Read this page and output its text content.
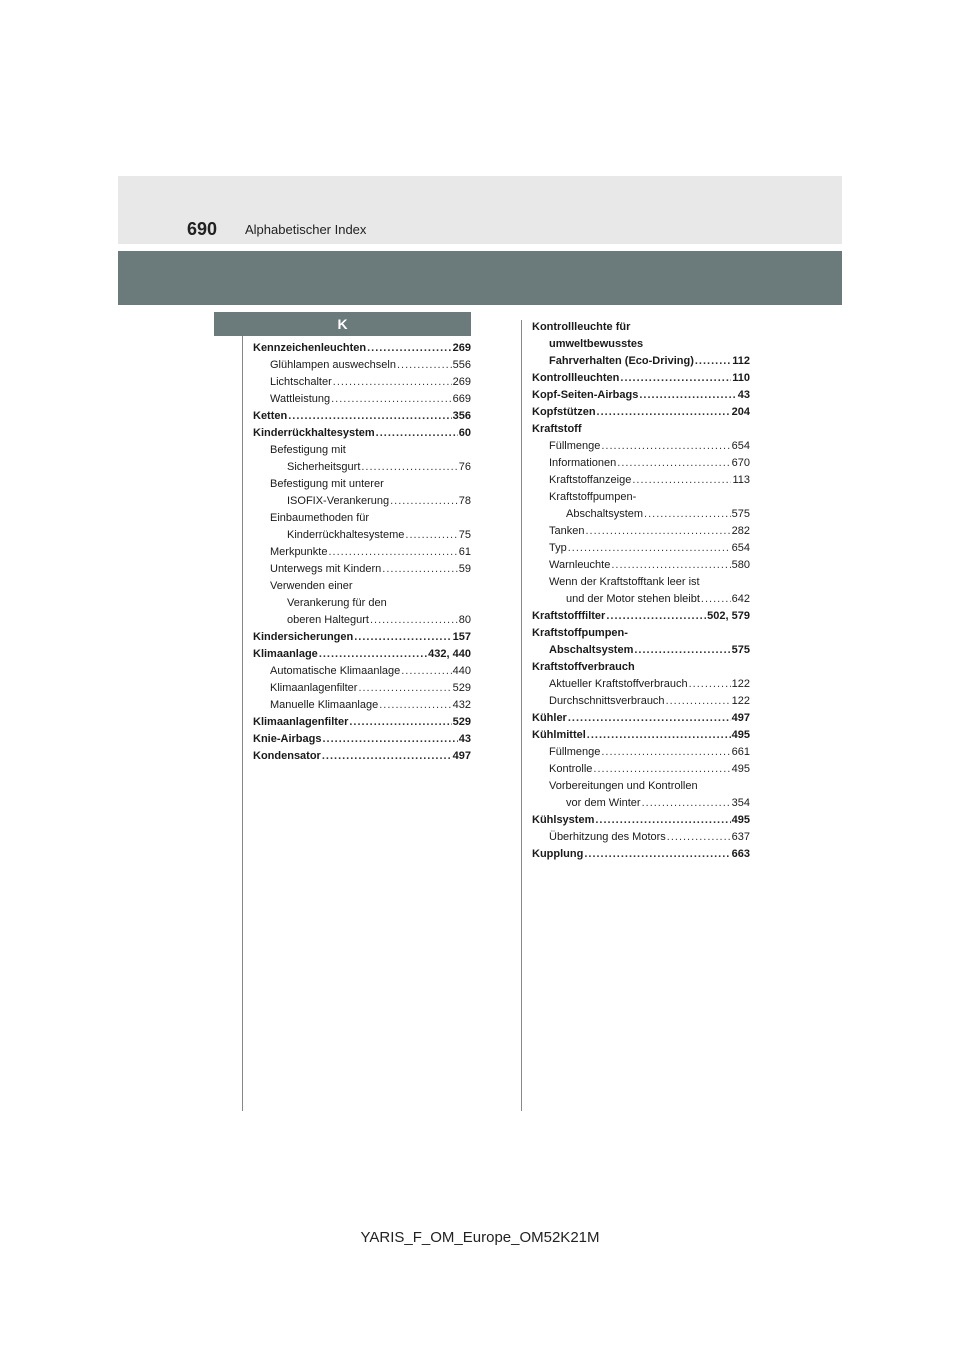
690 Alphabetischer Index
K
Kennzeichenleuchten .....	269
Glühlampen auswechseln .....	556
Lichtschalter .....	269
Wattleistung .....	669
Ketten .....	356
Kinderrückhaltesystem .....	60
Befestigung mit
Sicherheitsgurt .....	76
Befestigung mit unterer
ISOFIX-Verankerung .....	78
Einbaumethoden für
Kinderrückhaltesysteme .....	75
Merkpunkte .....	61
Unterwegs mit Kindern .....	59
Verwenden einer
Verankerung für den
oberen Haltegurt .....	80
Kindersicherungen .....	157
Klimaanlage .....	432, 440
Automatische Klimaanlage .....	440
Klimaanlagenfilter .....	529
Manuelle Klimaanlage .....	432
Klimaanlagenfilter .....	529
Knie-Airbags .....	43
Kondensator .....	497
Kontrollleuchte für
umweltbewusstes
Fahrverhalten (Eco-Driving) .....	112
Kontrollleuchten .....	110
Kopf-Seiten-Airbags .....	43
Kopfstützen .....	204
Kraftstoff
Füllmenge .....	654
Informationen .....	670
Kraftstoffanzeige .....	113
Kraftstoffpumpen-
Abschaltsystem .....	575
Tanken .....	282
Typ .....	654
Warnleuchte .....	580
Wenn der Kraftstofftank leer ist
und der Motor stehen bleibt .....	642
Kraftstofffilter .....	502, 579
Kraftstoffpumpen-
Abschaltsystem .....	575
Kraftstoffverbrauch
Aktueller Kraftstoffverbrauch .....	122
Durchschnittsverbrauch .....	122
Kühler .....	497
Kühlmittel .....	495
Füllmenge .....	661
Kontrolle .....	495
Vorbereitungen und Kontrollen
vor dem Winter .....	354
Kühlsystem .....	495
Überhitzung des Motors .....	637
Kupplung .....	663
YARIS_F_OM_Europe_OM52K21M
